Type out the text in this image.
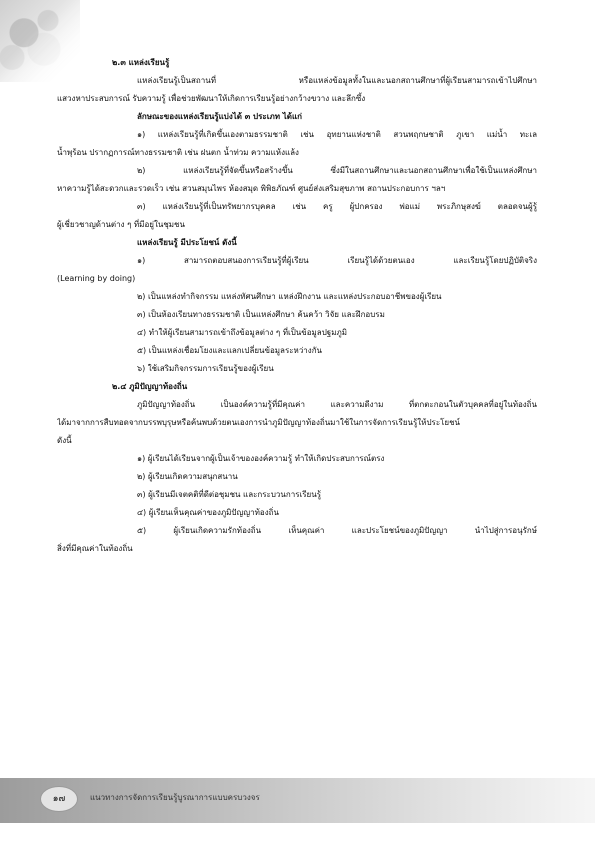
๒.๓ แหล่งเรียนรู้
แหล่งเรียนรู้เป็นสถานที่ หรือแหล่งข้อมูลทั้งในและนอกสถานศึกษาที่ผู้เรียนสามารถเข้าไปศึกษา
แสวงหาประสบการณ์ รับความรู้ เพื่อช่วยพัฒนาให้เกิดการเรียนรู้อย่างกว้างขวาง และลึกซึ้ง
ลักษณะของแหล่งเรียนรู้แบ่งได้ ๓ ประเภท ได้แก่
๑) แหล่งเรียนรู้ที่เกิดขึ้นเองตามธรรมชาติ เช่น อุทยานแห่งชาติ สวนพฤกษชาติ ภูเขา แม่น้ำ ทะเล
น้ำพุร้อน ปรากฏการณ์ทางธรรมชาติ เช่น ฝนตก น้ำท่วม ความแห้งแล้ง
๒) แหล่งเรียนรู้ที่จัดขึ้นหรือสร้างขึ้น ซึ่งมีในสถานศึกษาและนอกสถานศึกษาเพื่อใช้เป็นแหล่งศึกษา
หาความรู้ได้สะดวกและรวดเร็ว เช่น สวนสมุนไพร ห้องสมุด พิพิธภัณฑ์ ศูนย์ส่งเสริมสุขภาพ สถานประกอบการ ฯลฯ
๓) แหล่งเรียนรู้ที่เป็นทรัพยากรบุคคล เช่น ครู ผู้ปกครอง พ่อแม่ พระภิกษุสงฆ์ ตลอดจนผู้รู้
ผู้เชี่ยวชาญด้านต่าง ๆ ที่มีอยู่ในชุมชน
แหล่งเรียนรู้ มีประโยชน์ ดังนี้
๑) สามารถตอบสนองการเรียนรู้ที่ผู้เรียน เรียนรู้ได้ด้วยตนเอง และเรียนรู้โดยปฏิบัติจริง
(Learning by doing)
๒) เป็นแหล่งทำกิจกรรม แหล่งทัศนศึกษา แหล่งฝึกงาน และแหล่งประกอบอาชีพของผู้เรียน
๓) เป็นห้องเรียนทางธรรมชาติ เป็นแหล่งศึกษา ค้นคว้า วิจัย และฝึกอบรม
๔) ทำให้ผู้เรียนสามารถเข้าถึงข้อมูลต่าง ๆ ที่เป็นข้อมูลปฐมภูมิ
๕) เป็นแหล่งเชื่อมโยงและแลกเปลี่ยนข้อมูลระหว่างกัน
๖) ใช้เสริมกิจกรรมการเรียนรู้ของผู้เรียน
๒.๔ ภูมิปัญญาท้องถิ่น
ภูมิปัญญาท้องถิ่น เป็นองค์ความรู้ที่มีคุณค่า และความดีงาม ที่ตกตะกอนในตัวบุคคลที่อยู่ในท้องถิ่น
ได้มาจากการสืบทอดจากบรรพบุรุษหรือค้นพบด้วยตนเองการนำภูมิปัญญาท้องถิ่นมาใช้ในการจัดการเรียนรู้ให้ประโยชน์
ดังนี้
๑) ผู้เรียนได้เรียนจากผู้เป็นเจ้าขององค์ความรู้ ทำให้เกิดประสบการณ์ตรง
๒) ผู้เรียนเกิดความสนุกสนาน
๓) ผู้เรียนมีเจตคติที่ดีต่อชุมชน และกระบวนการเรียนรู้
๔) ผู้เรียนเห็นคุณค่าของภูมิปัญญาท้องถิ่น
๕) ผู้เรียนเกิดความรักท้องถิ่น เห็นคุณค่า และประโยชน์ของภูมิปัญญา นำไปสู่การอนุรักษ์
สิ่งที่มีคุณค่าในท้องถิ่น
๑๗	แนวทางการจัดการเรียนรู้บูรณาการแบบครบวงจร
